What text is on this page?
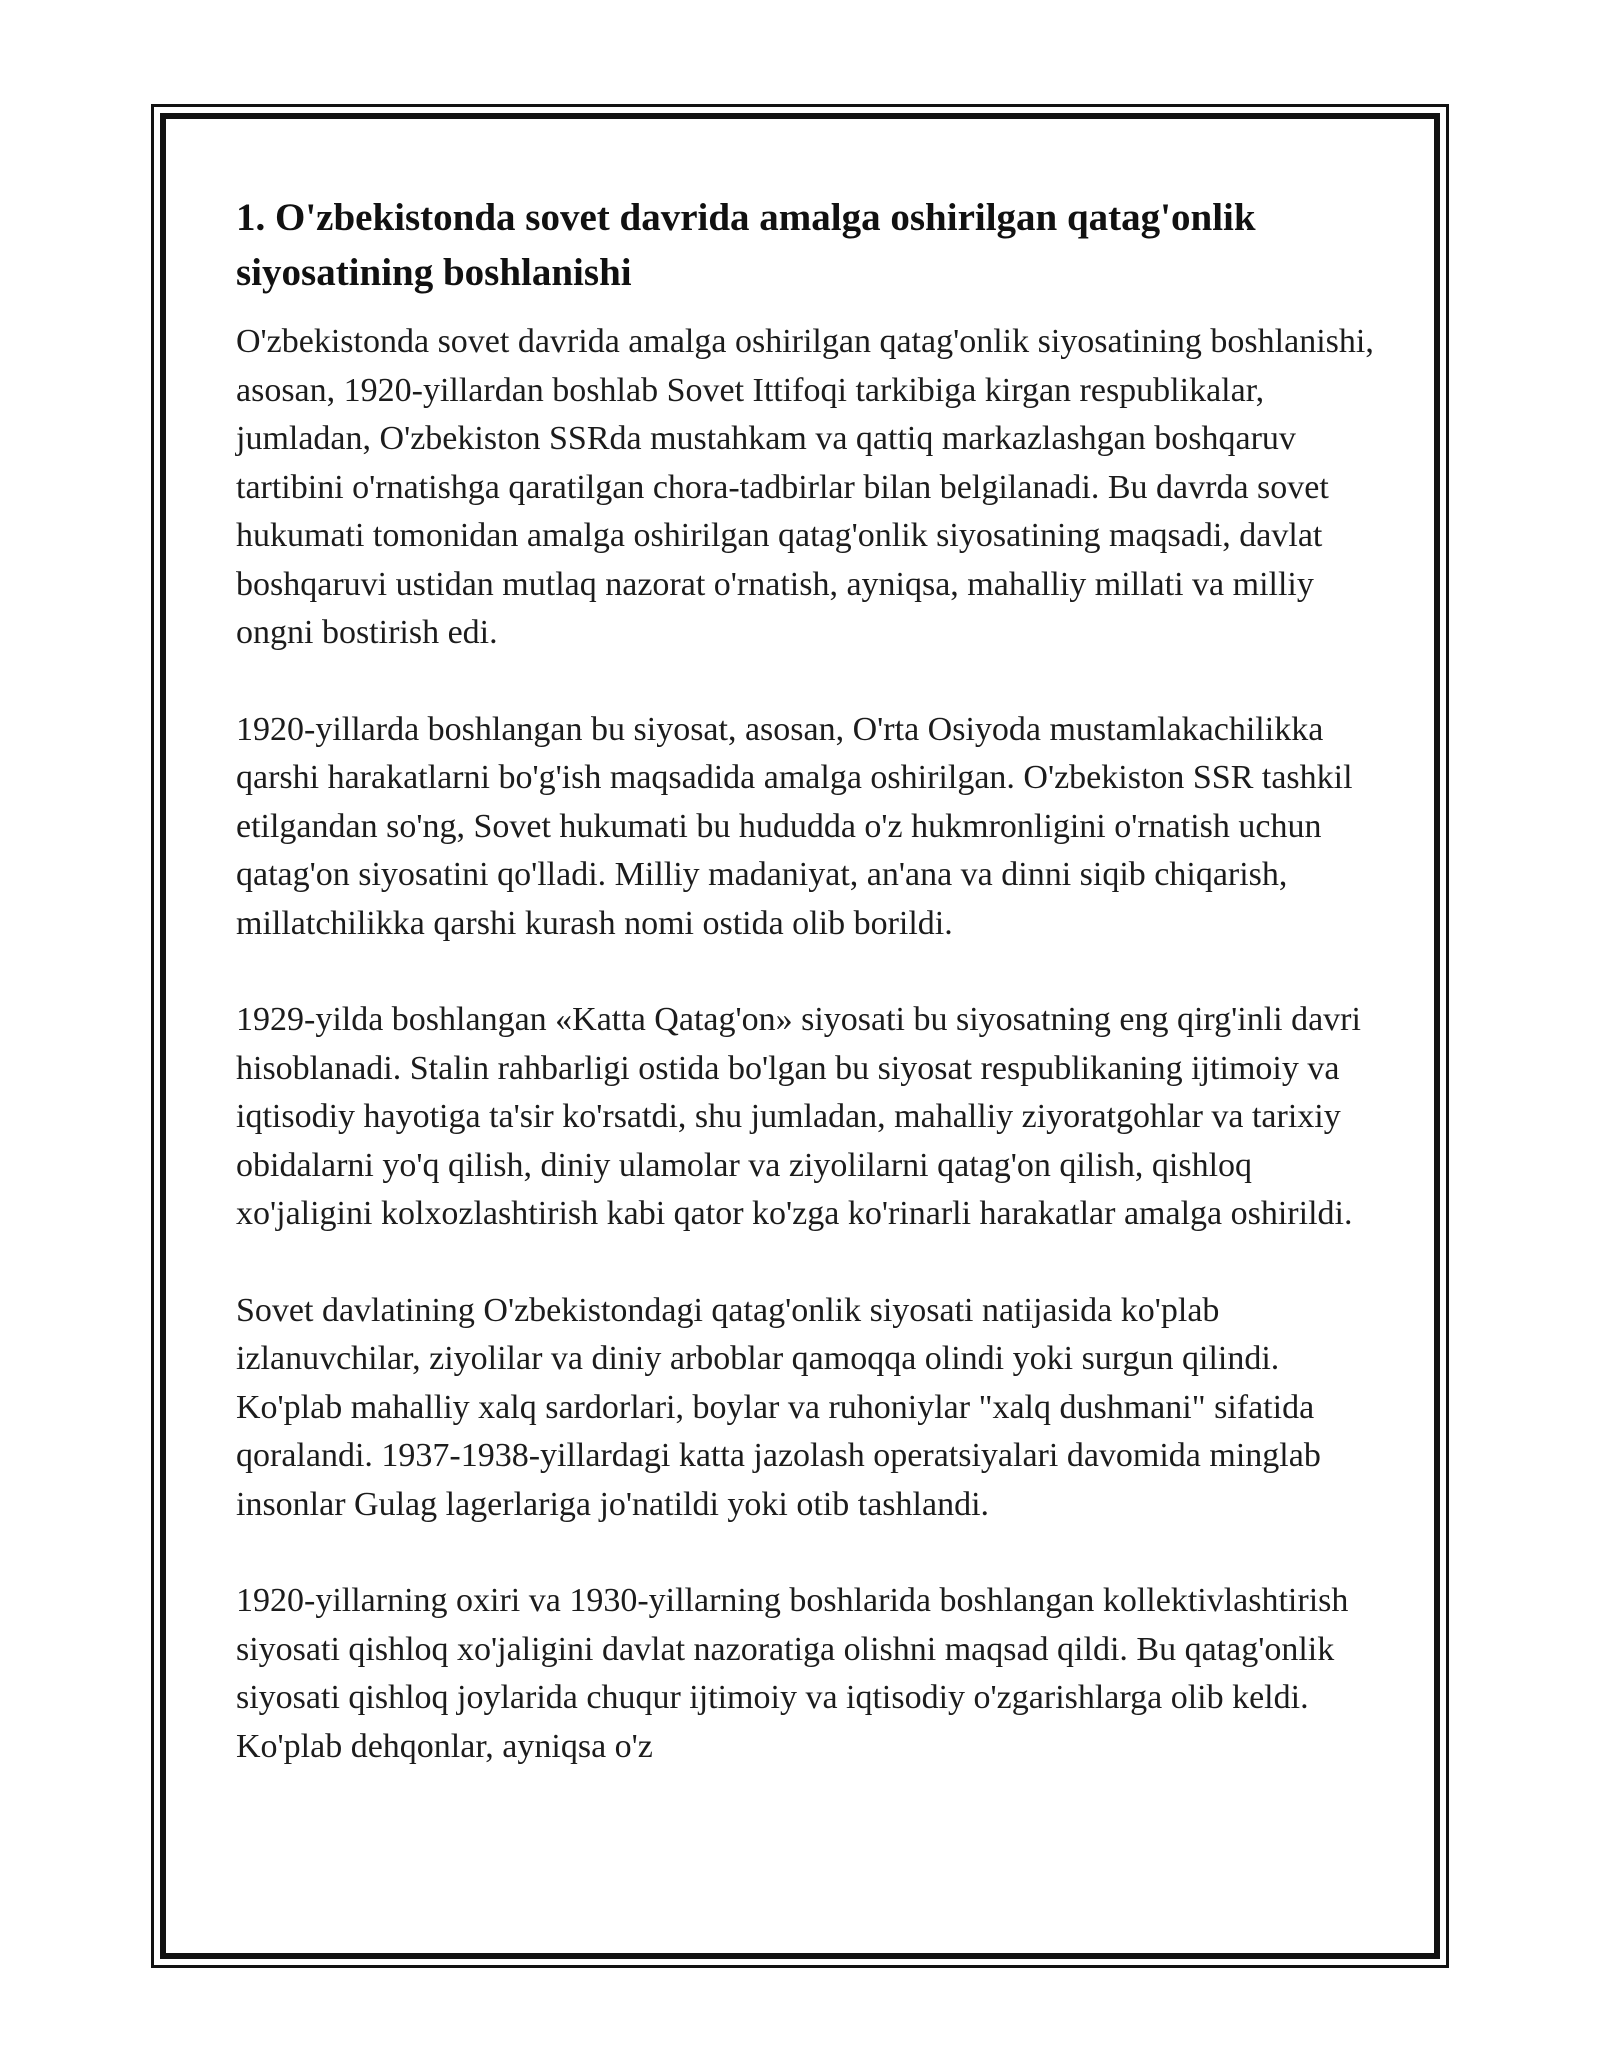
1. O'zbekistonda sovet davrida amalga oshirilgan qatag'onlik siyosatining boshlanishi

O'zbekistonda sovet davrida amalga oshirilgan qatag'onlik siyosatining boshlanishi, asosan, 1920-yillardan boshlab Sovet Ittifoqi tarkibiga kirgan respublikalar, jumladan, O'zbekiston SSRda mustahkam va qattiq markazlashgan boshqaruv tartibini o'rnatishga qaratilgan chora-tadbirlar bilan belgilanadi. Bu davrda sovet hukumati tomonidan amalga oshirilgan qatag'onlik siyosatining maqsadi, davlat boshqaruvi ustidan mutlaq nazorat o'rnatish, ayniqsa, mahalliy millati va milliy ongni bostirish edi.

1920-yillarda boshlangan bu siyosat, asosan, O'rta Osiyoda mustamlakachilikka qarshi harakatlarni bo'g'ish maqsadida amalga oshirilgan. O'zbekiston SSR tashkil etilgandan so'ng, Sovet hukumati bu hududda o'z hukmronligini o'rnatish uchun qatag'on siyosatini qo'lladi. Milliy madaniyat, an'ana va dinni siqib chiqarish, millatchilikka qarshi kurash nomi ostida olib borildi.

1929-yilda boshlangan «Katta Qatag'on» siyosati bu siyosatning eng qirg'inli davri hisoblanadi. Stalin rahbarligi ostida bo'lgan bu siyosat respublikaning ijtimoiy va iqtisodiy hayotiga ta'sir ko'rsatdi, shu jumladan, mahalliy ziyoratgohlar va tarixiy obidalarni yo'q qilish, diniy ulamolar va ziyolilarni qatag'on qilish, qishloq xo'jaligini kolxozlashtirish kabi qator ko'zga ko'rinarli harakatlar amalga oshirildi.

Sovet davlatining O'zbekistondagi qatag'onlik siyosati natijasida ko'plab izlanuvchilar, ziyolilar va diniy arboblar qamoqqa olindi yoki surgun qilindi. Ko'plab mahalliy xalq sardorlari, boylar va ruhoniylar "xalq dushmani" sifatida qoralandi. 1937-1938-yillardagi katta jazolash operatsiyalari davomida minglab insonlar Gulag lagerlariga jo'natildi yoki otib tashlandi.

1920-yillarning oxiri va 1930-yillarning boshlarida boshlangan kollektivlashtirish siyosati qishloq xo'jaligini davlat nazoratiga olishni maqsad qildi. Bu qatag'onlik siyosati qishloq joylarida chuqur ijtimoiy va iqtisodiy o'zgarishlarga olib keldi. Ko'plab dehqonlar, ayniqsa o'z
